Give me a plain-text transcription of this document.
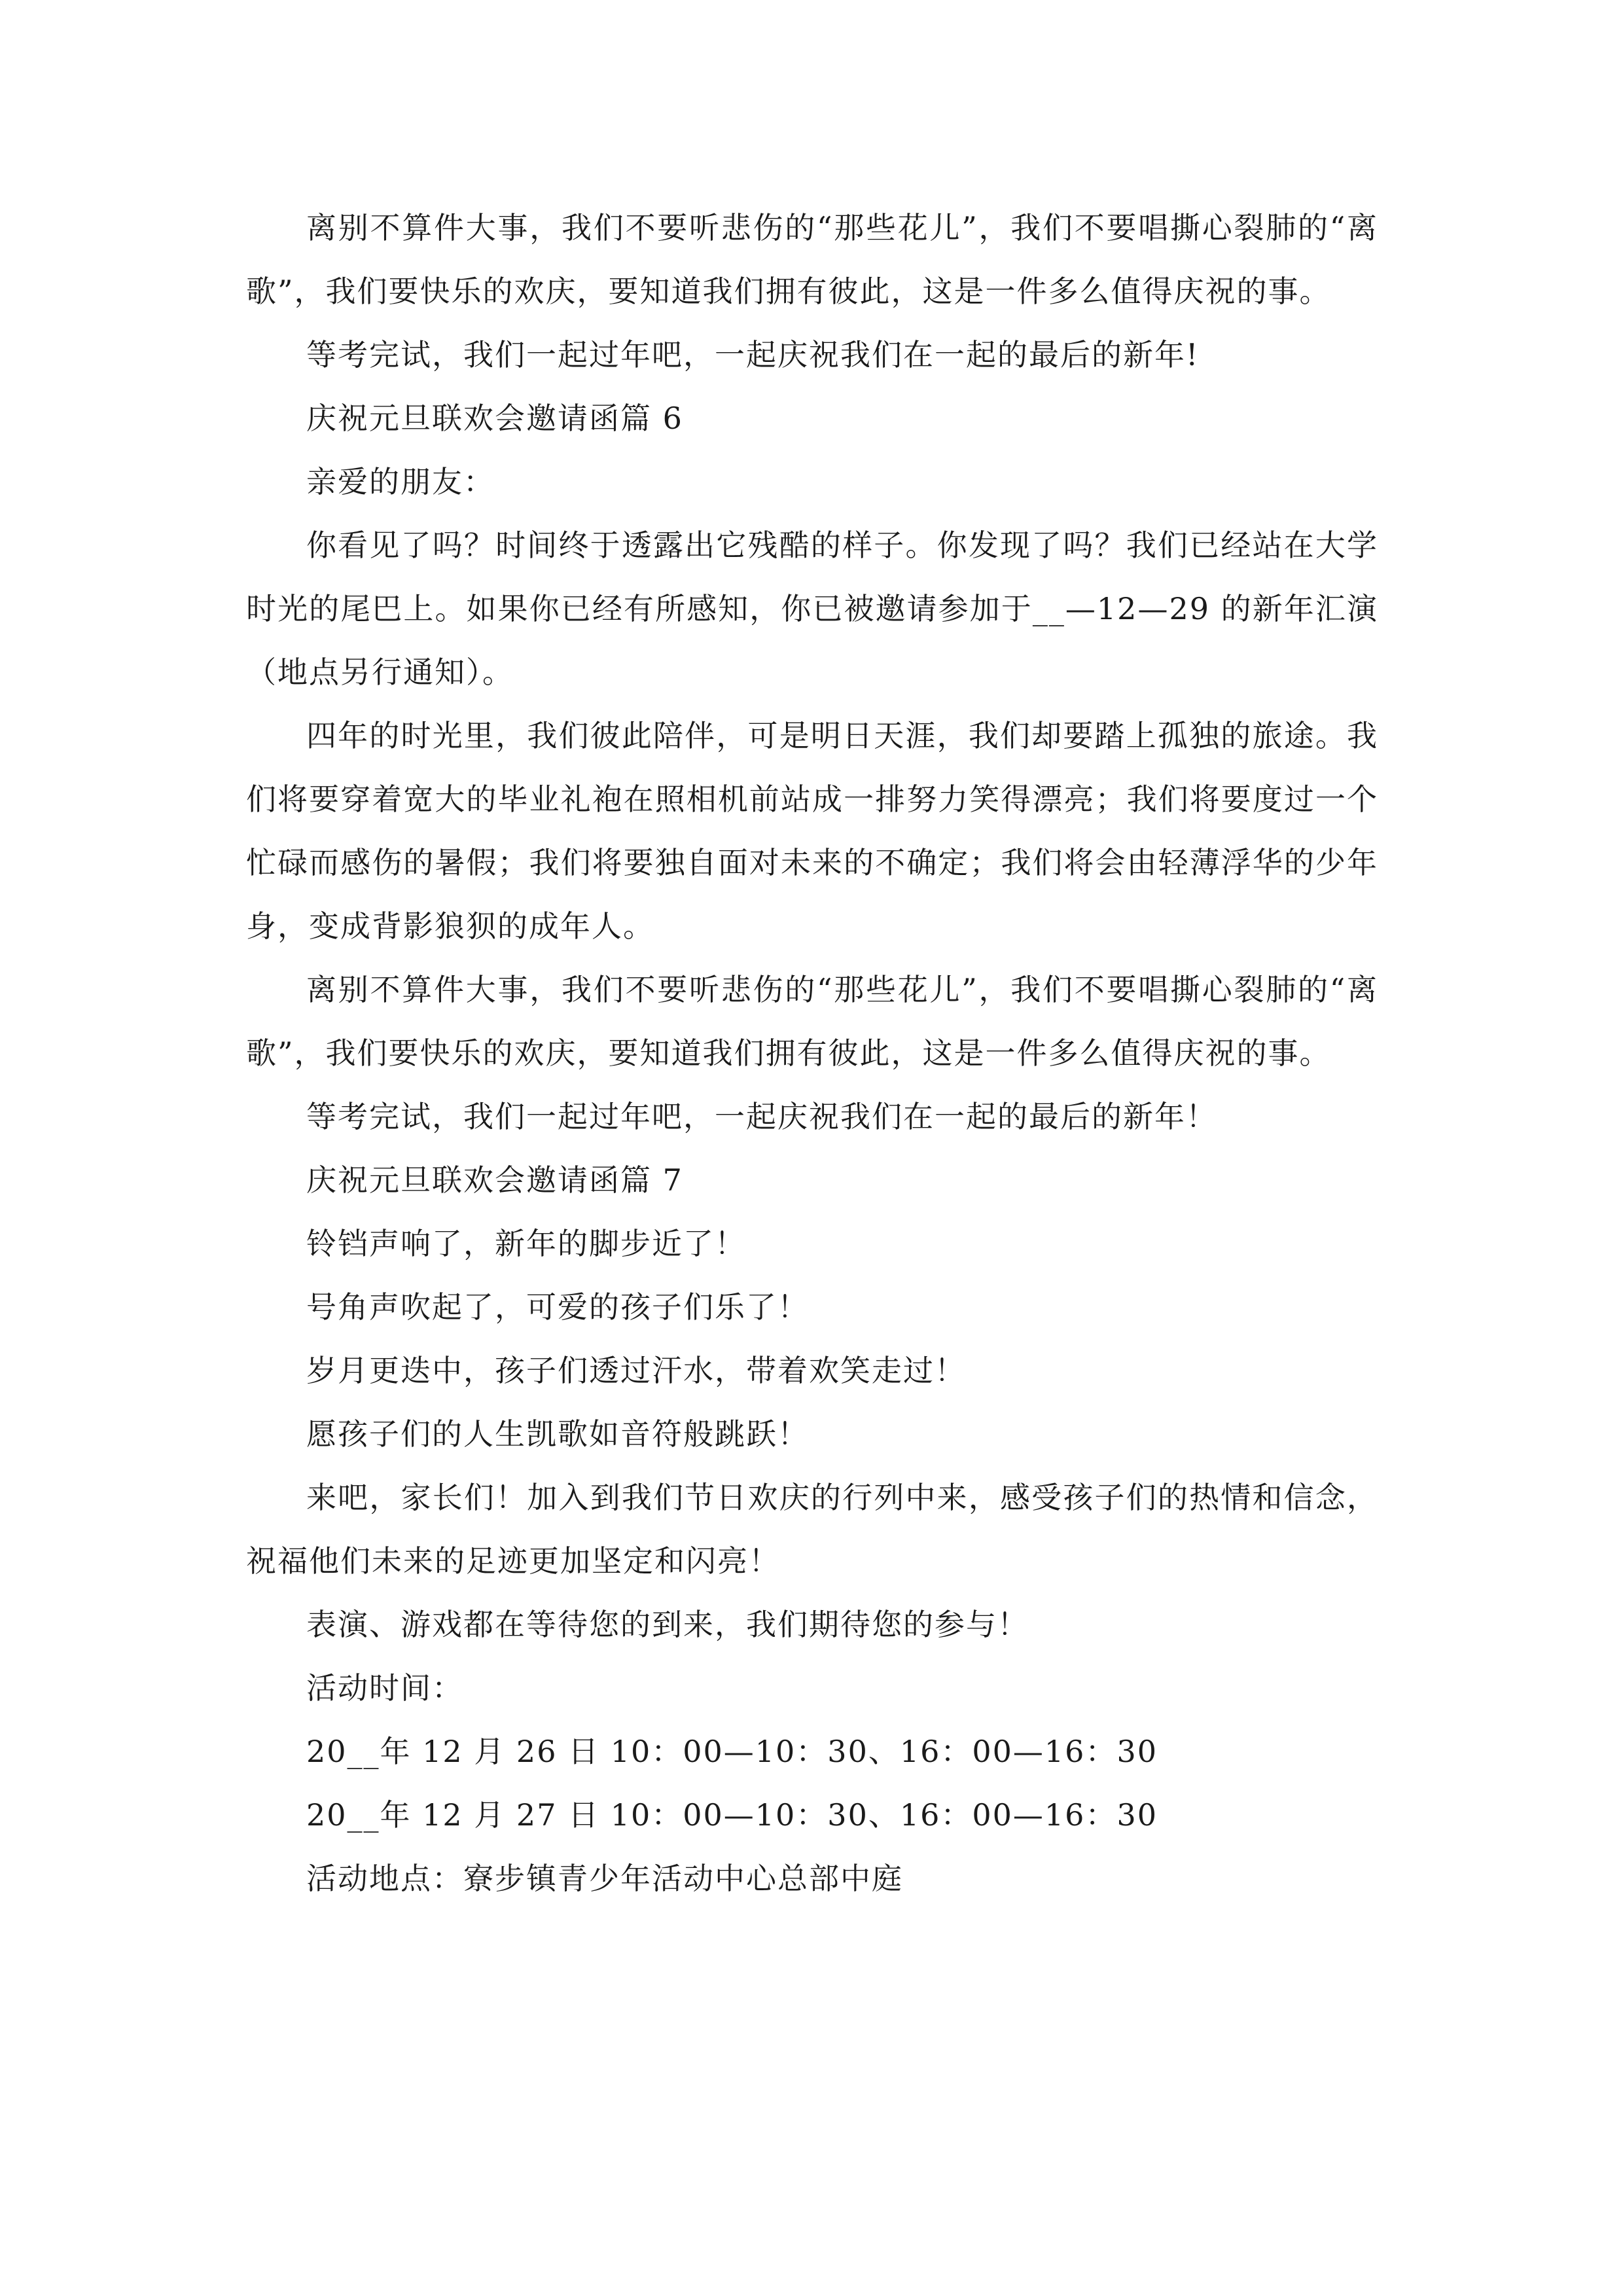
离别不算件大事，我们不要听悲伤的“那些花儿”，我们不要唱撕心裂肺的“离歌”，我们要快乐的欢庆，要知道我们拥有彼此，这是一件多么值得庆祝的事。

等考完试，我们一起过年吧，一起庆祝我们在一起的最后的新年!

庆祝元旦联欢会邀请函篇 6

亲爱的朋友：

你看见了吗？时间终于透露出它残酷的样子。你发现了吗？我们已经站在大学时光的尾巴上。如果你已经有所感知，你已被邀请参加于__—12—29 的新年汇演（地点另行通知）。

四年的时光里，我们彼此陪伴，可是明日天涯，我们却要踏上孤独的旅途。我们将要穿着宽大的毕业礼袍在照相机前站成一排努力笑得漂亮；我们将要度过一个忙碌而感伤的暑假；我们将要独自面对未来的不确定；我们将会由轻薄浮华的少年身，变成背影狼狈的成年人。

离别不算件大事，我们不要听悲伤的“那些花儿”，我们不要唱撕心裂肺的“离歌”，我们要快乐的欢庆，要知道我们拥有彼此，这是一件多么值得庆祝的事。

等考完试，我们一起过年吧，一起庆祝我们在一起的最后的新年！

庆祝元旦联欢会邀请函篇 7

铃铛声响了，新年的脚步近了！

号角声吹起了，可爱的孩子们乐了！

岁月更迭中，孩子们透过汗水，带着欢笑走过！

愿孩子们的人生凯歌如音符般跳跃！

来吧，家长们！加入到我们节日欢庆的行列中来，感受孩子们的热情和信念，祝福他们未来的足迹更加坚定和闪亮！

表演、游戏都在等待您的到来，我们期待您的参与！

活动时间：

20__年 12 月 26 日 10：00—10：30、16：00—16：30

20__年 12 月 27 日 10：00—10：30、16：00—16：30

活动地点：寮步镇青少年活动中心总部中庭
